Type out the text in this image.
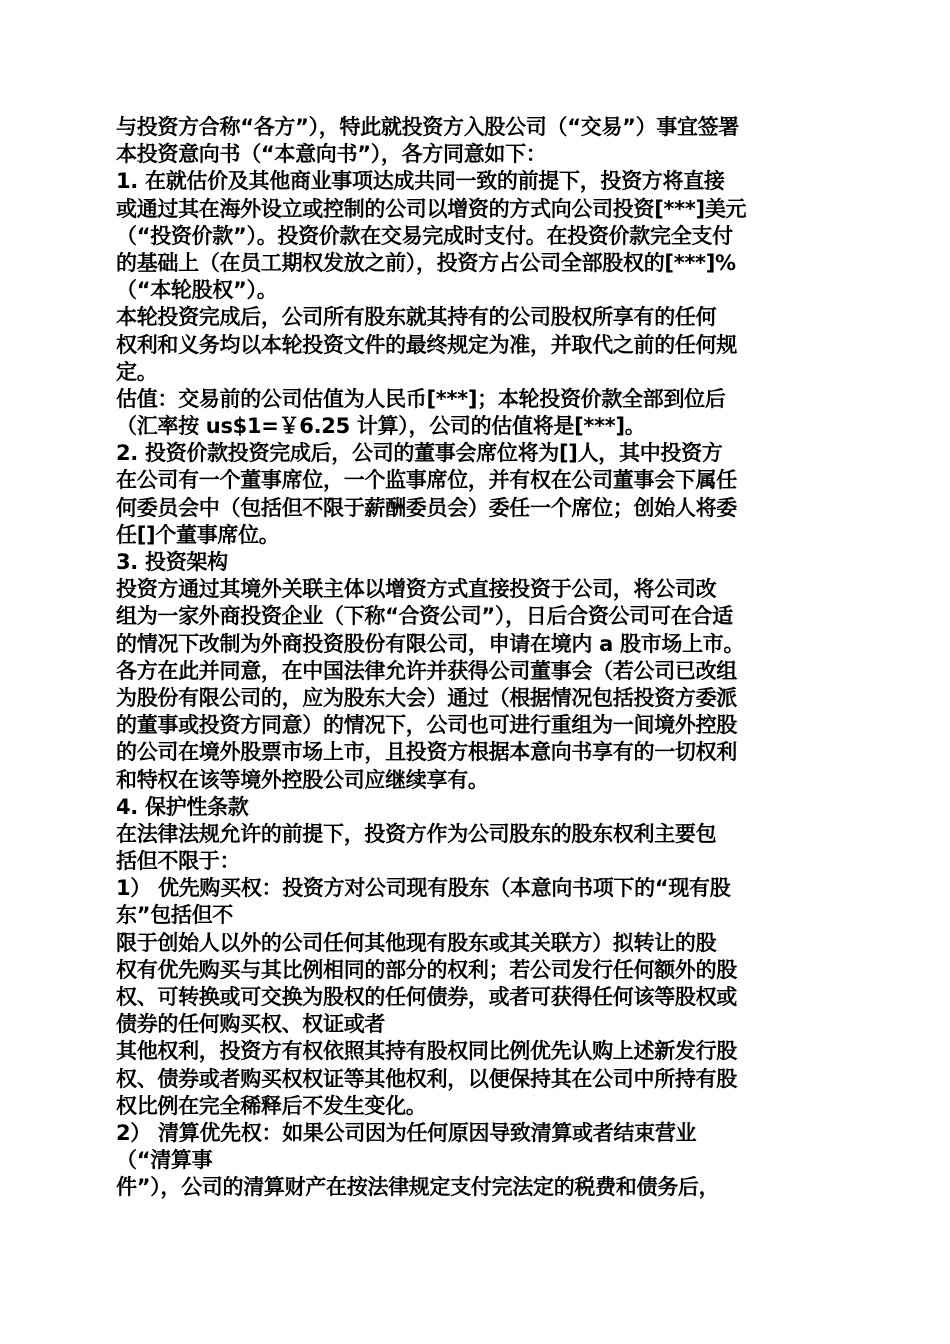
与投资方合称“各方”），特此就投资方入股公司（“交易”）事宜签署
本投资意向书（“本意向书”），各方同意如下：
1. 在就估价及其他商业事项达成共同一致的前提下，投资方将直接
或通过其在海外设立或控制的公司以增资的方式向公司投资[***]美元
（“投资价款”）。投资价款在交易完成时支付。在投资价款完全支付
的基础上（在员工期权发放之前），投资方占公司全部股权的[***]%
（“本轮股权”）。
本轮投资完成后，公司所有股东就其持有的公司股权所享有的任何
权利和义务均以本轮投资文件的最终规定为准，并取代之前的任何规
定。
估值：交易前的公司估值为人民币[***]；本轮投资价款全部到位后
（汇率按 us$1=￥6.25 计算），公司的估值将是[***]。
2. 投资价款投资完成后，公司的董事会席位将为[]人，其中投资方
在公司有一个董事席位，一个监事席位，并有权在公司董事会下属任
何委员会中（包括但不限于薪酬委员会）委任一个席位；创始人将委
任[]个董事席位。
3. 投资架构
投资方通过其境外关联主体以增资方式直接投资于公司，将公司改
组为一家外商投资企业（下称“合资公司”），日后合资公司可在合适
的情况下改制为外商投资股份有限公司，申请在境内 a 股市场上市。
各方在此并同意，在中国法律允许并获得公司董事会（若公司已改组
为股份有限公司的，应为股东大会）通过（根据情况包括投资方委派
的董事或投资方同意）的情况下，公司也可进行重组为一间境外控股
的公司在境外股票市场上市，且投资方根据本意向书享有的一切权利
和特权在该等境外控股公司应继续享有。
4. 保护性条款
在法律法规允许的前提下，投资方作为公司股东的股东权利主要包
括但不限于：
1） 优先购买权：投资方对公司现有股东（本意向书项下的“现有股
东”包括但不
限于创始人以外的公司任何其他现有股东或其关联方）拟转让的股
权有优先购买与其比例相同的部分的权利；若公司发行任何额外的股
权、可转换或可交换为股权的任何债券，或者可获得任何该等股权或
债券的任何购买权、权证或者
其他权利，投资方有权依照其持有股权同比例优先认购上述新发行股
权、债券或者购买权权证等其他权利，以便保持其在公司中所持有股
权比例在完全稀释后不发生变化。
2） 清算优先权：如果公司因为任何原因导致清算或者结束营业
（“清算事
件”），公司的清算财产在按法律规定支付完法定的税费和债务后，
